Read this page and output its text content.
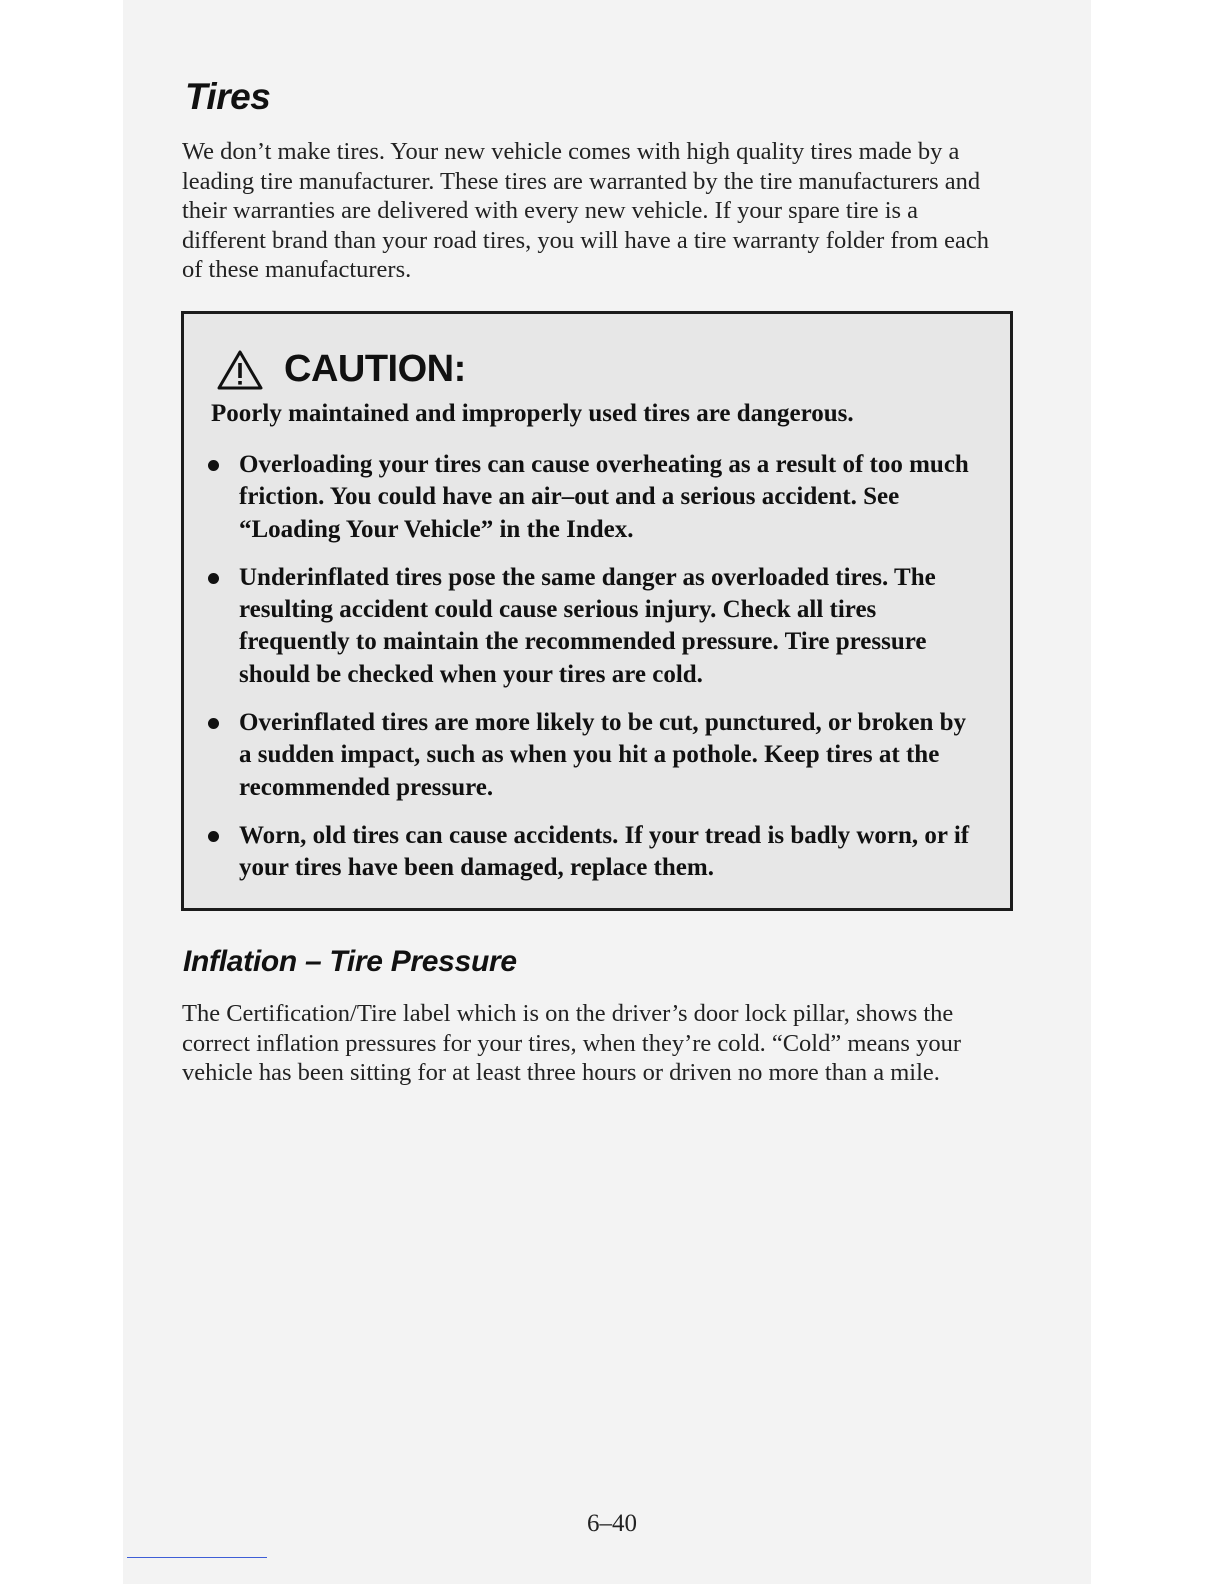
Tires

We don’t make tires. Your new vehicle comes with high quality tires made by a leading tire manufacturer. These tires are warranted by the tire manufacturers and their warranties are delivered with every new vehicle. If your spare tire is a different brand than your road tires, you will have a tire warranty folder from each of these manufacturers.

CAUTION:

Poorly maintained and improperly used tires are dangerous.

Overloading your tires can cause overheating as a result of too much friction. You could have an air–out and a serious accident. See “Loading Your Vehicle” in the Index.
Underinflated tires pose the same danger as overloaded tires. The resulting accident could cause serious injury. Check all tires frequently to maintain the recommended pressure. Tire pressure should be checked when your tires are cold.
Overinflated tires are more likely to be cut, punctured, or broken by a sudden impact, such as when you hit a pothole. Keep tires at the recommended pressure.
Worn, old tires can cause accidents. If your tread is badly worn, or if your tires have been damaged, replace them.
Inflation – Tire Pressure

The Certification/Tire label which is on the driver’s door lock pillar, shows the correct inflation pressures for your tires, when they’re cold. “Cold” means your vehicle has been sitting for at least three hours or driven no more than a mile.

6–40
